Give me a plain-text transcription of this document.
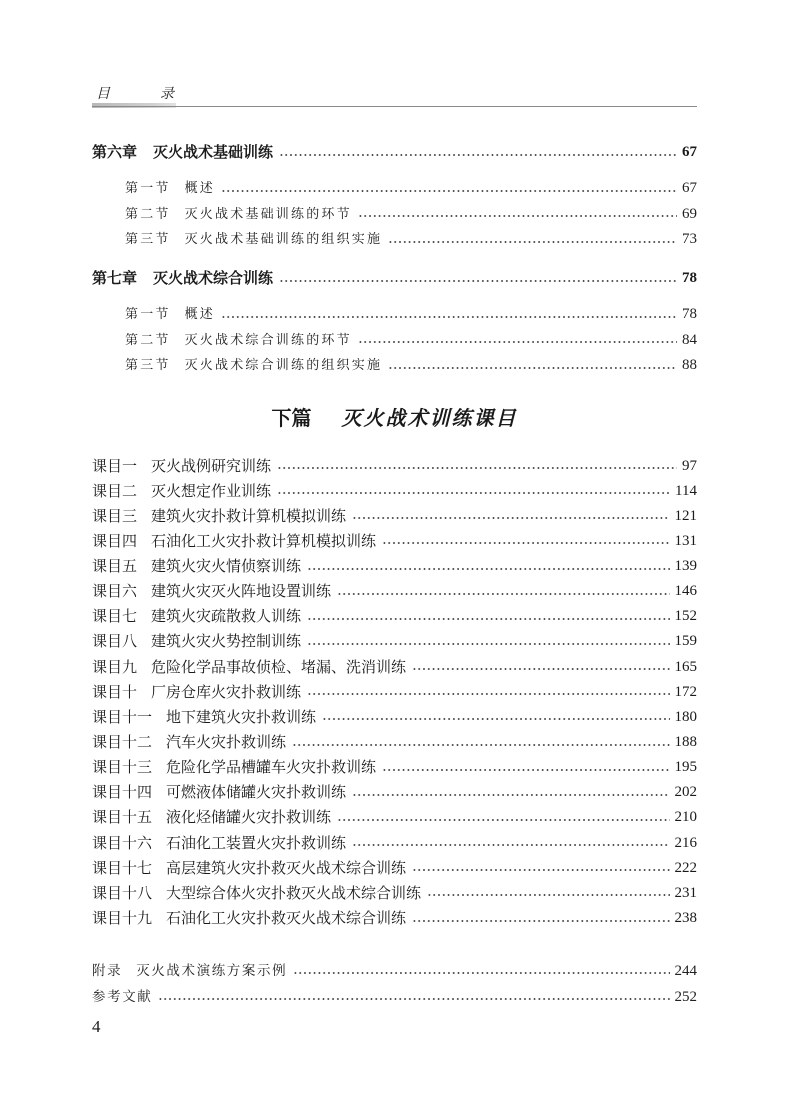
目　录
第六章 灭火战术基础训练	67
第一节 概述	67
第二节 灭火战术基础训练的环节	69
第三节 灭火战术基础训练的组织实施	73
第七章 灭火战术综合训练	78
第一节 概述	78
第二节 灭火战术综合训练的环节	84
第三节 灭火战术综合训练的组织实施	88
下篇 灭火战术训练课目
课目一 灭火战例研究训练	97
课目二 灭火想定作业训练	114
课目三 建筑火灾扑救计算机模拟训练	121
课目四 石油化工火灾扑救计算机模拟训练	131
课目五 建筑火灾火情侦察训练	139
课目六 建筑火灾灭火阵地设置训练	146
课目七 建筑火灾疏散救人训练	152
课目八 建筑火灾火势控制训练	159
课目九 危险化学品事故侦检、堵漏、洗消训练	165
课目十 厂房仓库火灾扑救训练	172
课目十一 地下建筑火灾扑救训练	180
课目十二 汽车火灾扑救训练	188
课目十三 危险化学品槽罐车火灾扑救训练	195
课目十四 可燃液体储罐火灾扑救训练	202
课目十五 液化烃储罐火灾扑救训练	210
课目十六 石油化工装置火灾扑救训练	216
课目十七 高层建筑火灾扑救灭火战术综合训练	222
课目十八 大型综合体火灾扑救灭火战术综合训练	231
课目十九 石油化工火灾扑救灭火战术综合训练	238
附录 灭火战术演练方案示例	244
参考文献	252
4
